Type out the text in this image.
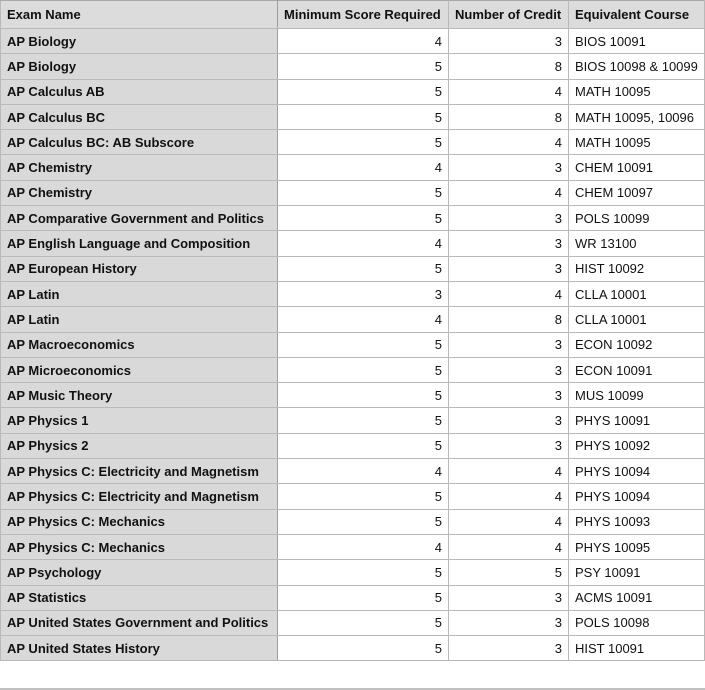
Exam Name	Minimum Score Required	Number of Credit	Equivalent Course
AP Biology	4	3	BIOS 10091
AP Biology	5	8	BIOS 10098 & 10099
AP Calculus AB	5	4	MATH 10095
AP Calculus BC	5	8	MATH 10095, 10096
AP Calculus BC: AB Subscore	5	4	MATH 10095
AP Chemistry	4	3	CHEM 10091
AP Chemistry	5	4	CHEM 10097
AP Comparative Government and Politics	5	3	POLS 10099
AP English Language and Composition	4	3	WR 13100
AP European History	5	3	HIST 10092
AP Latin	3	4	CLLA 10001
AP Latin	4	8	CLLA 10001
AP Macroeconomics	5	3	ECON 10092
AP Microeconomics	5	3	ECON 10091
AP Music Theory	5	3	MUS 10099
AP Physics 1	5	3	PHYS 10091
AP Physics 2	5	3	PHYS 10092
AP Physics C: Electricity and Magnetism	4	4	PHYS 10094
AP Physics C: Electricity and Magnetism	5	4	PHYS 10094
AP Physics C: Mechanics	5	4	PHYS 10093
AP Physics C: Mechanics	4	4	PHYS 10095
AP Psychology	5	5	PSY 10091
AP Statistics	5	3	ACMS 10091
AP United States Government and Politics	5	3	POLS 10098
AP United States History	5	3	HIST 10091
